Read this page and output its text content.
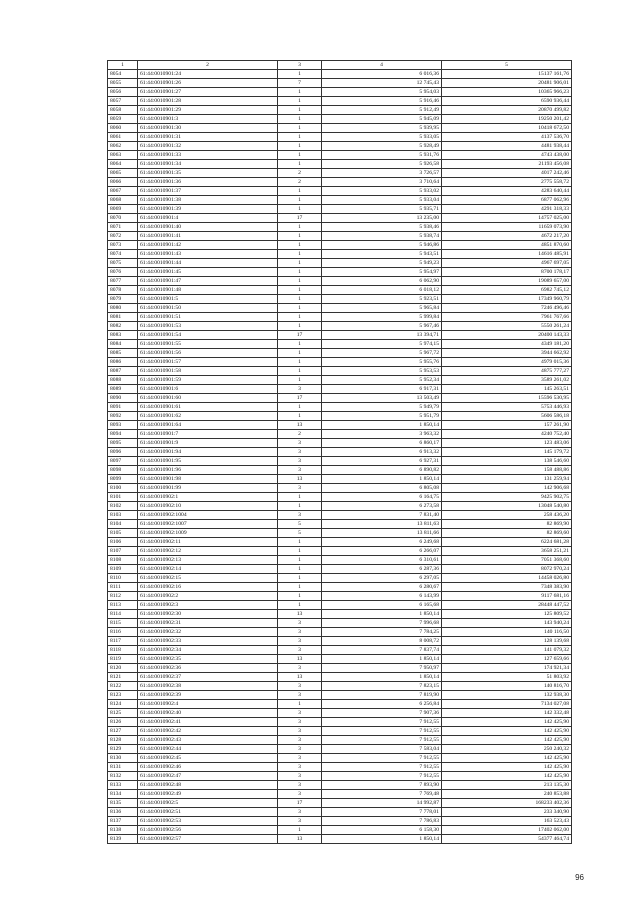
1	2	3	4	5
8054	61:44:0010901:24	1	6 016,36	15137 161,76
8055	61:44:0010901:26	7	12 745,43	20481 906,01
8056	61:44:0010901:27	1	5 954,03	10365 966,23
8057	61:44:0010901:28	1	5 916,46	6590 936,44
8058	61:44:0010901:29	1	5 912,49	20870 499,82
8059	61:44:0010901:3	1	5 945,09	19250 201,42
8060	61:44:0010901:30	1	5 939,95	10418 672,50
8061	61:44:0010901:31	1	5 933,05	4137 536,70
8062	61:44:0010901:32	1	5 928,49	4481 938,44
8063	61:44:0010901:33	1	5 931,76	4743 438,00
8064	61:44:0010901:34	1	5 926,58	21193 456,08
8065	61:44:0010901:35	2	3 726,57	4017 242,46
8066	61:44:0010901:36	2	3 710,64	2775 558,72
8067	61:44:0010901:37	1	5 933,02	4283 640,44
8068	61:44:0010901:38	1	5 933,04	6877 062,96
8069	61:44:0010901:39	1	5 935,71	4291 318,33
8070	61:44:0010901:4	17	13 235,00	14757 025,00
8071	61:44:0010901:40	1	5 938,46	11659 073,90
8072	61:44:0010901:41	1	5 938,74	4672 217,20
8073	61:44:0010901:42	1	5 946,86	4851 870,60
8074	61:44:0010901:43	1	5 943,51	14616 485,91
8075	61:44:0010901:44	1	5 949,23	4967 697,05
8076	61:44:0010901:45	1	5 954,97	8700 178,17
8077	61:44:0010901:47	1	6 062,90	19089 657,00
8078	61:44:0010901:48	1	6 018,12	6982 745,12
8079	61:44:0010901:5	1	5 923,51	17349 960,79
8080	61:44:0010901:50	1	5 965,84	7246 496,46
8081	61:44:0010901:51	1	5 999,84	7961 767,66
8082	61:44:0010901:53	1	5 967,46	5550 261,24
8083	61:44:0010901:54	17	13 394,71	20400 143,33
8084	61:44:0010901:55	1	5 974,15	4349 181,20
8085	61:44:0010901:56	1	5 967,72	3944 662,92
8086	61:44:0010901:57	1	5 955,76	4979 015,36
8087	61:44:0010901:58	1	5 953,53	4875 777,27
8088	61:44:0010901:59	1	5 952,34	3589 261,02
8089	61:44:0010901:6	3	6 917,31	145 263,51
8090	61:44:0010901:60	17	13 503,49	15596 530,95
8091	61:44:0010901:61	1	5 949,79	5753 446,93
8092	61:44:0010901:62	1	5 951,79	5606 586,18
8093	61:44:0010901:64	13	1 850,14	157 261,90
8094	61:44:0010901:7	2	3 963,32	4240 752,40
8095	61:44:0010901:9	3	6 860,17	123 483,06
8096	61:44:0010901:94	3	6 913,32	145 179,72
8097	61:44:0010901:95	3	6 927,31	138 546,60
8098	61:44:0010901:96	3	6 890,82	158 488,86
8099	61:44:0010901:98	13	1 850,14	131 259,94
8100	61:44:0010901:99	3	6 805,08	142 906,68
8101	61:44:0010902:1	1	6 164,75	9425 902,75
8102	61:44:0010902:10	1	6 273,58	13048 540,80
8103	61:44:0010902:1004	3	7 831,40	258 436,20
8104	61:44:0010902:1007	5	13 811,63	82 869,90
8105	61:44:0010902:1009	5	13 811,66	82 869,60
8106	61:44:0010902:11	1	6 249,68	6224 681,28
8107	61:44:0010902:12	1	6 266,07	3658 251,21
8108	61:44:0010902:13	1	6 310,61	7051 368,60
8109	61:44:0010902:14	1	6 287,36	8072 970,24
8110	61:44:0010902:15	1	6 297,05	14458 026,80
8111	61:44:0010902:16	1	6 280,67	7348 383,90
8112	61:44:0010902:2	1	6 143,99	9117 681,16
8113	61:44:0010902:3	1	6 165,68	28448 447,52
8114	61:44:0010902:30	13	1 850,14	125 809,52
8115	61:44:0010902:31	3	7 996,68	143 940,24
8116	61:44:0010902:32	3	7 784,25	140 116,50
8117	61:44:0010902:33	3	8 008,72	128 139,68
8118	61:44:0010902:34	3	7 837,74	141 079,32
8119	61:44:0010902:35	13	1 850,14	127 659,66
8120	61:44:0010902:36	3	7 950,97	174 921,34
8121	61:44:0010902:37	13	1 850,14	51 803,92
8122	61:44:0010902:38	3	7 823,15	140 816,70
8123	61:44:0010902:39	3	7 819,90	132 938,30
8124	61:44:0010902:4	1	6 256,84	7134 027,08
8125	61:44:0010902:40	3	7 907,36	142 332,48
8126	61:44:0010902:41	3	7 912,55	142 425,90
8127	61:44:0010902:42	3	7 912,55	142 425,90
8128	61:44:0010902:43	3	7 912,55	142 425,90
8129	61:44:0010902:44	3	7 583,04	250 240,32
8130	61:44:0010902:45	3	7 912,55	142 425,90
8131	61:44:0010902:46	3	7 912,55	142 425,90
8132	61:44:0010902:47	3	7 912,55	142 425,90
8133	61:44:0010902:48	3	7 893,90	213 135,30
8134	61:44:0010902:49	3	7 769,48	240 853,88
8135	61:44:0010902:5	17	14 992,87	168233 402,36
8136	61:44:0010902:51	3	7 778,01	233 340,90
8137	61:44:0010902:53	3	7 786,83	163 523,43
8138	61:44:0010902:56	1	6 158,30	17402 062,00
8139	61:44:0010902:57	13	1 850,14	54377 464,74
96
